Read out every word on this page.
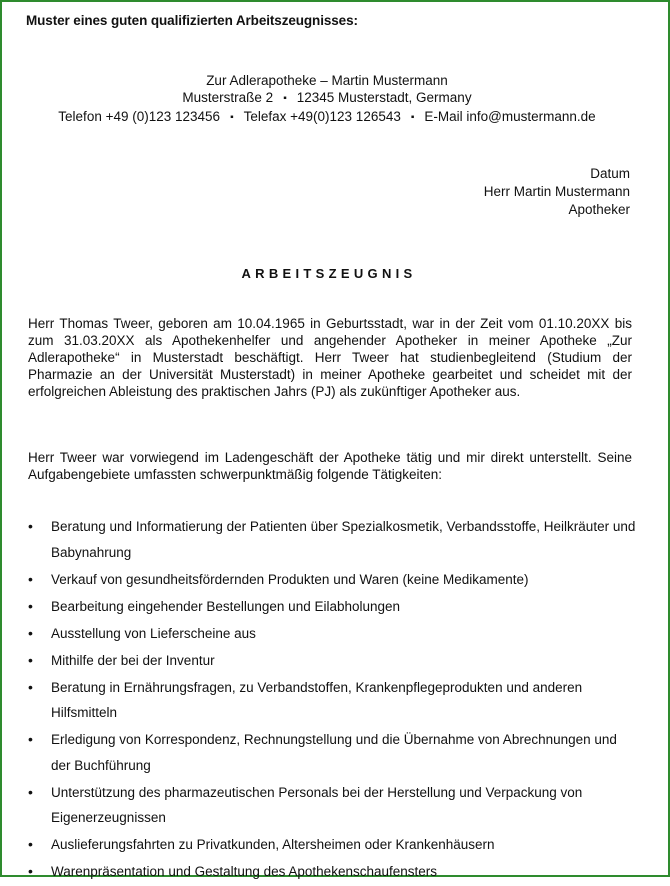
Muster eines guten qualifizierten Arbeitszeugnisses:
Zur Adlerapotheke – Martin Mustermann
Musterstraße 2 ▪ 12345 Musterstadt, Germany
Telefon +49 (0)123 123456 ▪ Telefax +49(0)123 126543 ▪ E-Mail info@mustermann.de
Datum
Herr Martin Mustermann
Apotheker
ARBEITSZEUGNIS
Herr Thomas Tweer, geboren am 10.04.1965 in Geburtsstadt, war in der Zeit vom 01.10.20XX bis zum 31.03.20XX als Apothekenhelfer und angehender Apotheker in meiner Apotheke „Zur Adlerapotheke“ in Musterstadt beschäftigt. Herr Tweer hat studienbegleitend (Studium der Pharmazie an der Universität Musterstadt) in meiner Apotheke gearbeitet und scheidet mit der erfolgreichen Ableistung des praktischen Jahrs (PJ) als zukünftiger Apotheker aus.
Herr Tweer war vorwiegend im Ladengeschäft der Apotheke tätig und mir direkt unterstellt. Seine Aufgabengebiete umfassten schwerpunktmäßig folgende Tätigkeiten:
• Beratung und Informatierung der Patienten über Spezialkosmetik, Verbandsstoffe, Heilkräuter und Babynahrung
• Verkauf von gesundheitsfördernden Produkten und Waren (keine Medikamente)
• Bearbeitung eingehender Bestellungen und Eilabholungen
• Ausstellung von Lieferscheine aus
• Mithilfe der bei der Inventur
• Beratung in Ernährungsfragen, zu Verbandstoffen, Krankenpflegeprodukten und anderen Hilfsmitteln
• Erledigung von Korrespondenz, Rechnungstellung und die Übernahme von Abrechnungen und der Buchführung
• Unterstützung des pharmazeutischen Personals bei der Herstellung und Verpackung von Eigenerzeugnissen
• Auslieferungsfahrten zu Privatkunden, Altersheimen oder Krankenhäusern
• Warenpräsentation und Gestaltung des Apothekenschaufensters
